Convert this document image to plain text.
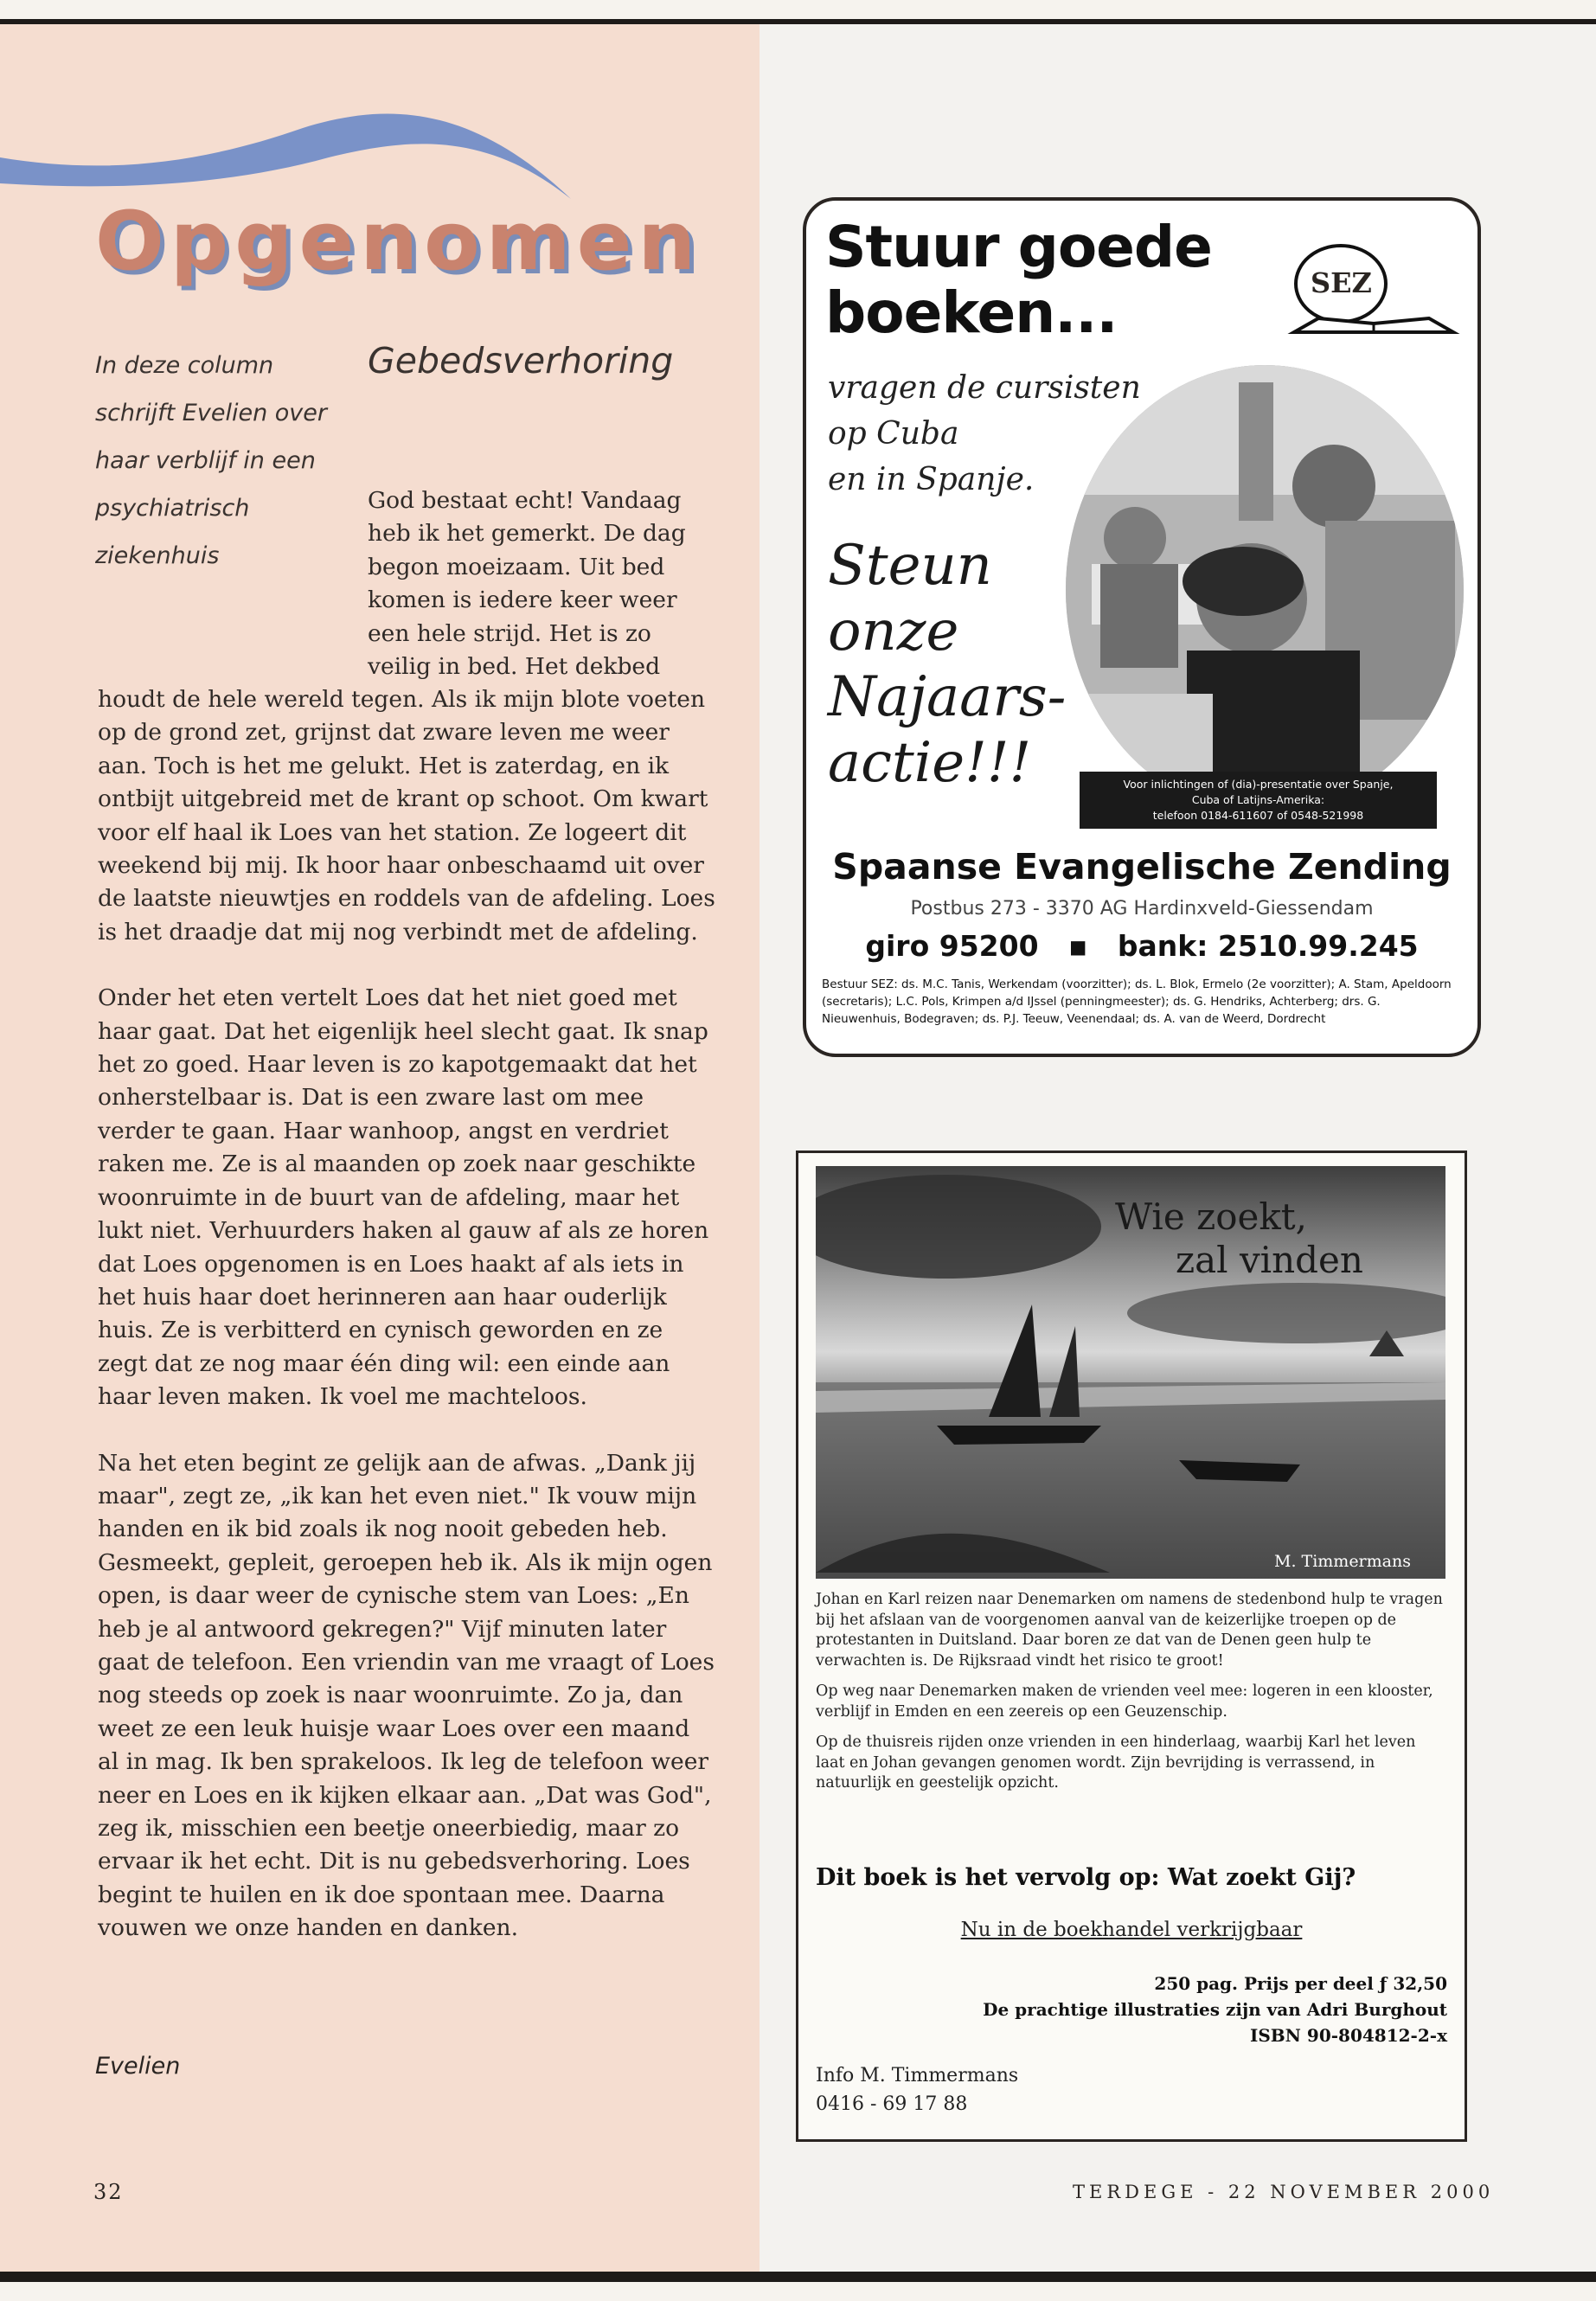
Opgenomen
In deze column schrijft Evelien over haar verblijf in een psychiatrisch ziekenhuis
Gebedsverhoring
God bestaat echt! Vandaag heb ik het gemerkt. De dag begon moeizaam. Uit bed komen is iedere keer weer een hele strijd. Het is zo veilig in bed. Het dekbed

houdt de hele wereld tegen. Als ik mijn blote voeten op de grond zet, grijnst dat zware leven me weer aan. Toch is het me gelukt. Het is zaterdag, en ik ontbijt uitgebreid met de krant op schoot. Om kwart voor elf haal ik Loes van het station. Ze logeert dit weekend bij mij. Ik hoor haar onbeschaamd uit over de laatste nieuwtjes en roddels van de afdeling. Loes is het draadje dat mij nog verbindt met de afdeling.

Onder het eten vertelt Loes dat het niet goed met haar gaat. Dat het eigenlijk heel slecht gaat. Ik snap het zo goed. Haar leven is zo kapotgemaakt dat het onherstelbaar is. Dat is een zware last om mee verder te gaan. Haar wanhoop, angst en verdriet raken me. Ze is al maanden op zoek naar geschikte woonruimte in de buurt van de afdeling, maar het lukt niet. Verhuurders haken al gauw af als ze horen dat Loes opgenomen is en Loes haakt af als iets in het huis haar doet herinneren aan haar ouderlijk huis. Ze is verbitterd en cynisch geworden en ze zegt dat ze nog maar één ding wil: een einde aan haar leven maken. Ik voel me machteloos.

Na het eten begint ze gelijk aan de afwas. „Dank jij maar", zegt ze, „ik kan het even niet." Ik vouw mijn handen en ik bid zoals ik nog nooit gebeden heb. Gesmeekt, gepleit, geroepen heb ik. Als ik mijn ogen open, is daar weer de cynische stem van Loes: „En heb je al antwoord gekregen?" Vijf minuten later gaat de telefoon. Een vriendin van me vraagt of Loes nog steeds op zoek is naar woonruimte. Zo ja, dan weet ze een leuk huisje waar Loes over een maand al in mag. Ik ben sprakeloos. Ik leg de telefoon weer neer en Loes en ik kijken elkaar aan. „Dat was God", zeg ik, misschien een beetje oneerbiedig, maar zo ervaar ik het echt. Dit is nu gebedsverhoring. Loes begint te huilen en ik doe spontaan mee. Daarna vouwen we onze handen en danken.

Evelien
32
Stuur goede
boeken...	SEZ
vragen de cursisten
op Cuba
en in Spanje.
Steun
onze
Najaars-
actie!!!	Voor inlichtingen of (dia)-presentatie over Spanje,
Cuba of Latijns-Amerika:
telefoon 0184-611607 of 0548-521998
Spaanse Evangelische Zending
Postbus 273 - 3370 AG Hardinxveld-Giessendam
giro 95200   ▪   bank: 2510.99.245
Bestuur SEZ: ds. M.C. Tanis, Werkendam (voorzitter); ds. L. Blok, Ermelo (2e voorzitter); A. Stam, Apeldoorn (secretaris); L.C. Pols, Krimpen a/d IJssel (penningmeester); ds. G. Hendriks, Achterberg; drs. G. Nieuwenhuis, Bodegraven; ds. P.J. Teeuw, Veenendaal; ds. A. van de Weerd, Dordrecht
Wie zoekt,
zal vinden
M. Timmermans

Johan en Karl reizen naar Denemarken om namens de stedenbond hulp te vragen bij het afslaan van de voorgenomen aanval van de keizerlijke troepen op de protestanten in Duitsland. Daar boren ze dat van de Denen geen hulp te verwachten is. De Rijksraad vindt het risico te groot!

Op weg naar Denemarken maken de vrienden veel mee: logeren in een klooster, verblijf in Emden en een zeereis op een Geuzenschip.

Op de thuisreis rijden onze vrienden in een hinderlaag, waarbij Karl het leven laat en Johan gevangen genomen wordt. Zijn bevrijding is verrassend, in natuurlijk en geestelijk opzicht.

Dit boek is het vervolg op: Wat zoekt Gij?
Nu in de boekhandel verkrijgbaar
250 pag. Prijs per deel ƒ 32,50
De prachtige illustraties zijn van Adri Burghout
ISBN 90-804812-2-x
Info M. Timmermans
0416 - 69 17 88
TERDEGE - 22 NOVEMBER 2000
